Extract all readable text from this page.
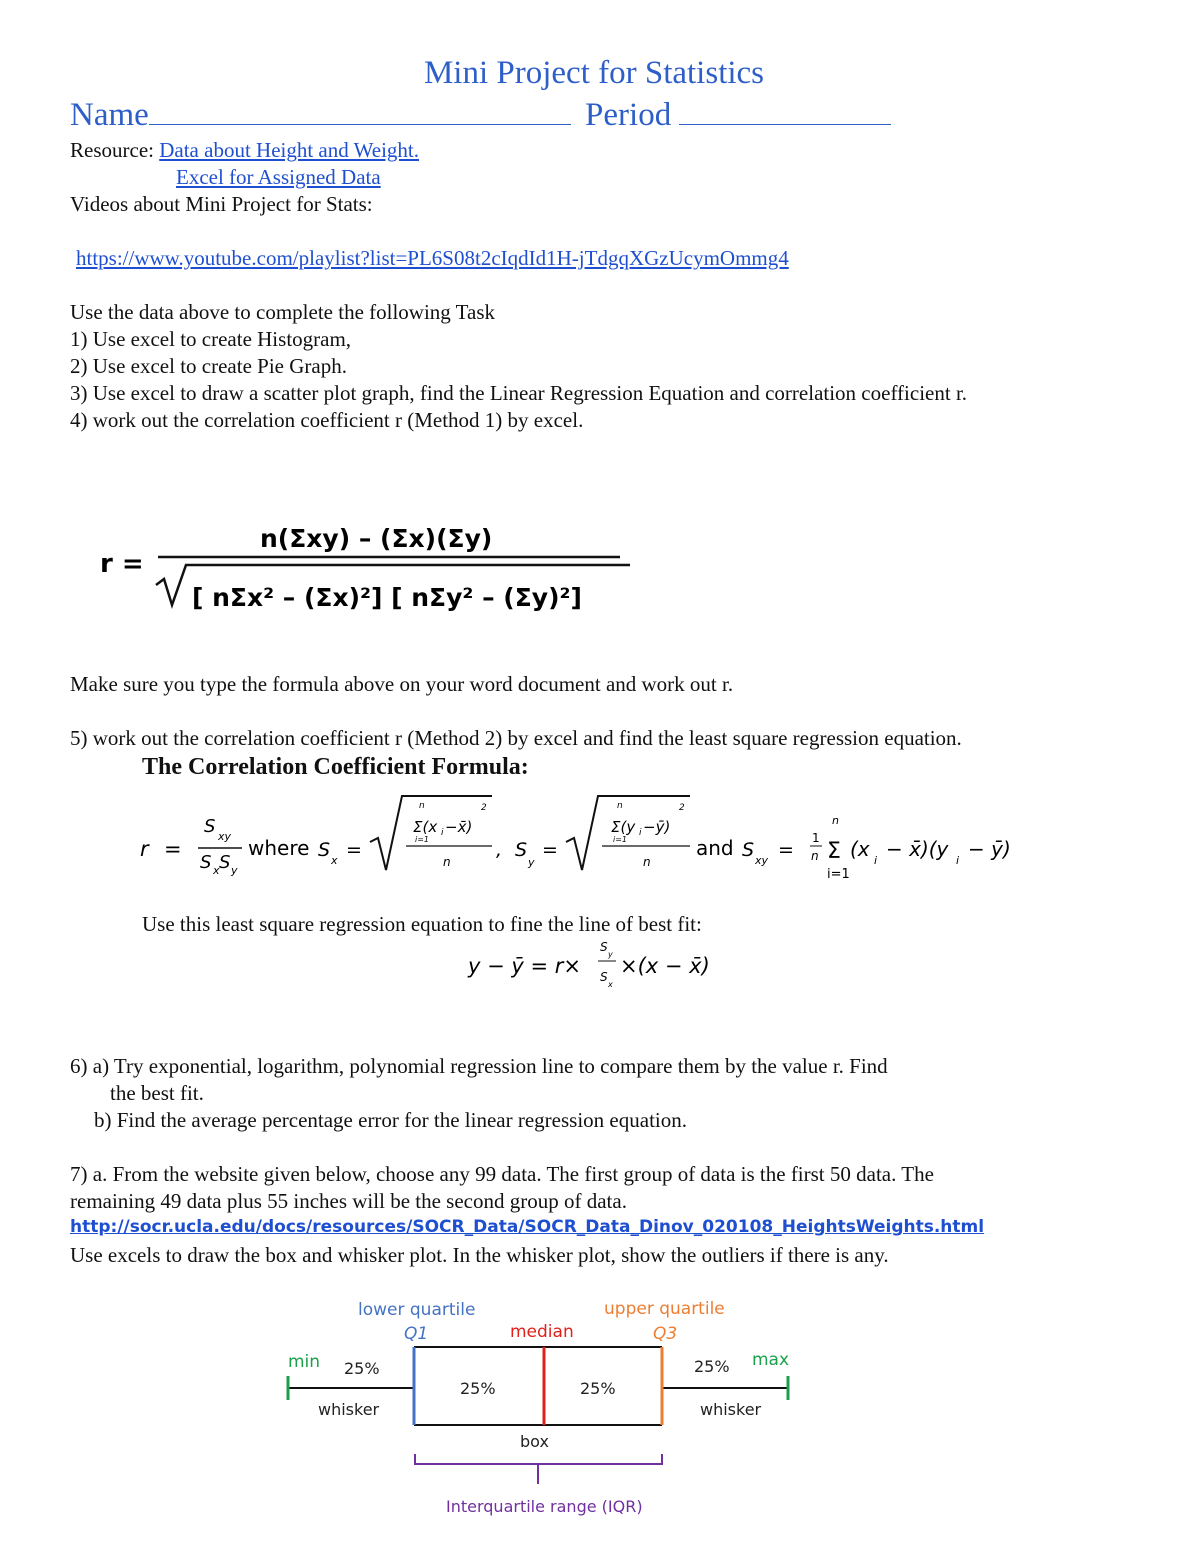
Mini Project for Statistics
Name	Period
Resource: Data about Height and Weight.
Excel for Assigned Data
Videos about Mini Project for Stats:
https://www.youtube.com/playlist?list=PL6S08t2cIqdId1H-jTdgqXGzUcymOmmg4
Use the data above to complete the following Task
1) Use excel to create Histogram,
2) Use excel to create Pie Graph.
3) Use excel to draw a scatter plot graph, find the Linear Regression Equation and correlation coefficient r.
4) work out the correlation coefficient r (Method 1) by excel.
r =
n(Σxy) – (Σx)(Σy)
[ nΣx² – (Σx)²] [ nΣy² – (Σy)²]
Make sure you type the formula above on your word document and work out r.
5) work out the correlation coefficient r (Method 2) by excel and find the least square regression equation.
The Correlation Coefficient Formula:
r =
S xy
S x S y
where S x =
n
Σ(x i −x̄)
2
i=1
n
, S
y
=
n
Σ(y i −ȳ)
2
i=1
n
and S xy =
1
n
n
Σ
i=1
(x i − x̄)(y i − ȳ)
Use this least square regression equation to fine the line of best fit:
y − ȳ = r×
S
y
S
x
×(x − x̄)
6) a) Try exponential, logarithm, polynomial regression line to compare them by the value r. Find
the best fit.
b) Find the average percentage error for the linear regression equation.
7) a. From the website given below, choose any 99 data. The first group of data is the first 50 data. The
remaining 49 data plus 55 inches will be the second group of data.
http://socr.ucla.edu/docs/resources/SOCR_Data/SOCR_Data_Dinov_020108_HeightsWeights.html
Use excels to draw the box and whisker plot. In the whisker plot, show the outliers if there is any.
lower quartile
Q1	median
upper quartile
Q3
min	max
25%	25%
25%	25%
whisker	whisker
box
Interquartile range (IQR)
